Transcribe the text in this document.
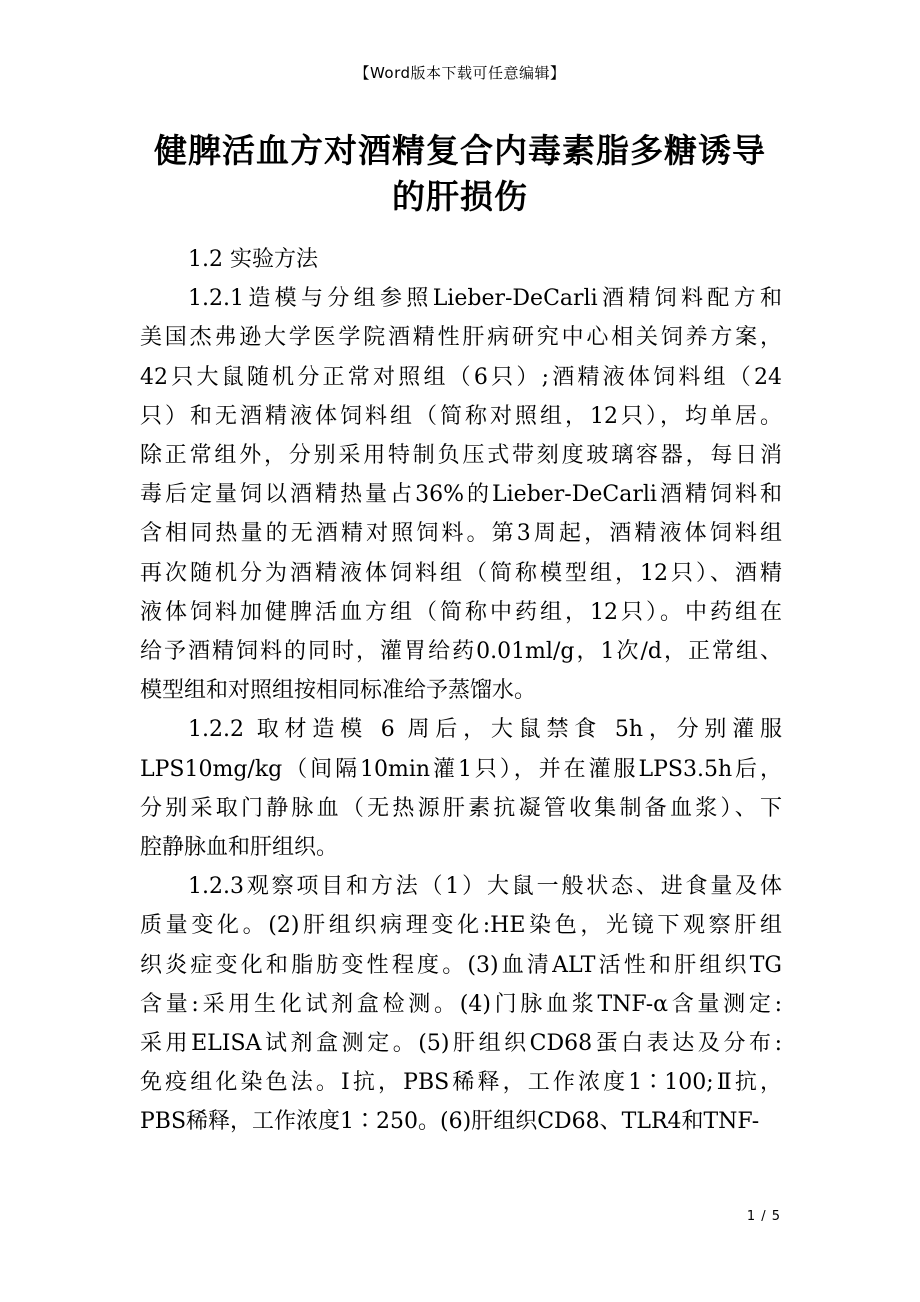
【Word版本下载可任意编辑】
健脾活血方对酒精复合内毒素脂多糖诱导
的肝损伤
1.2 实验方法
1.2.1造模与分组参照Lieber-DeCarli酒精饲料配方和
美国杰弗逊大学医学院酒精性肝病研究中心相关饲养方案，
42只大鼠随机分正常对照组（6只）;酒精液体饲料组（24
只）和无酒精液体饲料组（简称对照组，12只），均单居。
除正常组外，分别采用特制负压式带刻度玻璃容器，每日消
毒后定量饲以酒精热量占36%的Lieber-DeCarli酒精饲料和
含相同热量的无酒精对照饲料。第3周起，酒精液体饲料组
再次随机分为酒精液体饲料组（简称模型组，12只）、酒精
液体饲料加健脾活血方组（简称中药组，12只）。中药组在
给予酒精饲料的同时，灌胃给药0.01ml/g，1次/d，正常组、
模型组和对照组按相同标准给予蒸馏水。
1.2.2 取材造模 6 周后，大鼠禁食 5h，分别灌服
LPS10mg/kg（间隔10min灌1只），并在灌服LPS3.5h后，
分别采取门静脉血（无热源肝素抗凝管收集制备血浆）、下
腔静脉血和肝组织。
1.2.3观察项目和方法（1）大鼠一般状态、进食量及体
质量变化。(2)肝组织病理变化:HE染色，光镜下观察肝组
织炎症变化和脂肪变性程度。(3)血清ALT活性和肝组织TG
含量:采用生化试剂盒检测。(4)门脉血浆TNF-α含量测定:
采用ELISA试剂盒测定。(5)肝组织CD68蛋白表达及分布:
免疫组化染色法。Ⅰ抗，PBS稀释，工作浓度1∶100;Ⅱ抗，
PBS稀释，工作浓度1∶250。(6)肝组织CD68、TLR4和TNF-
1 / 5
